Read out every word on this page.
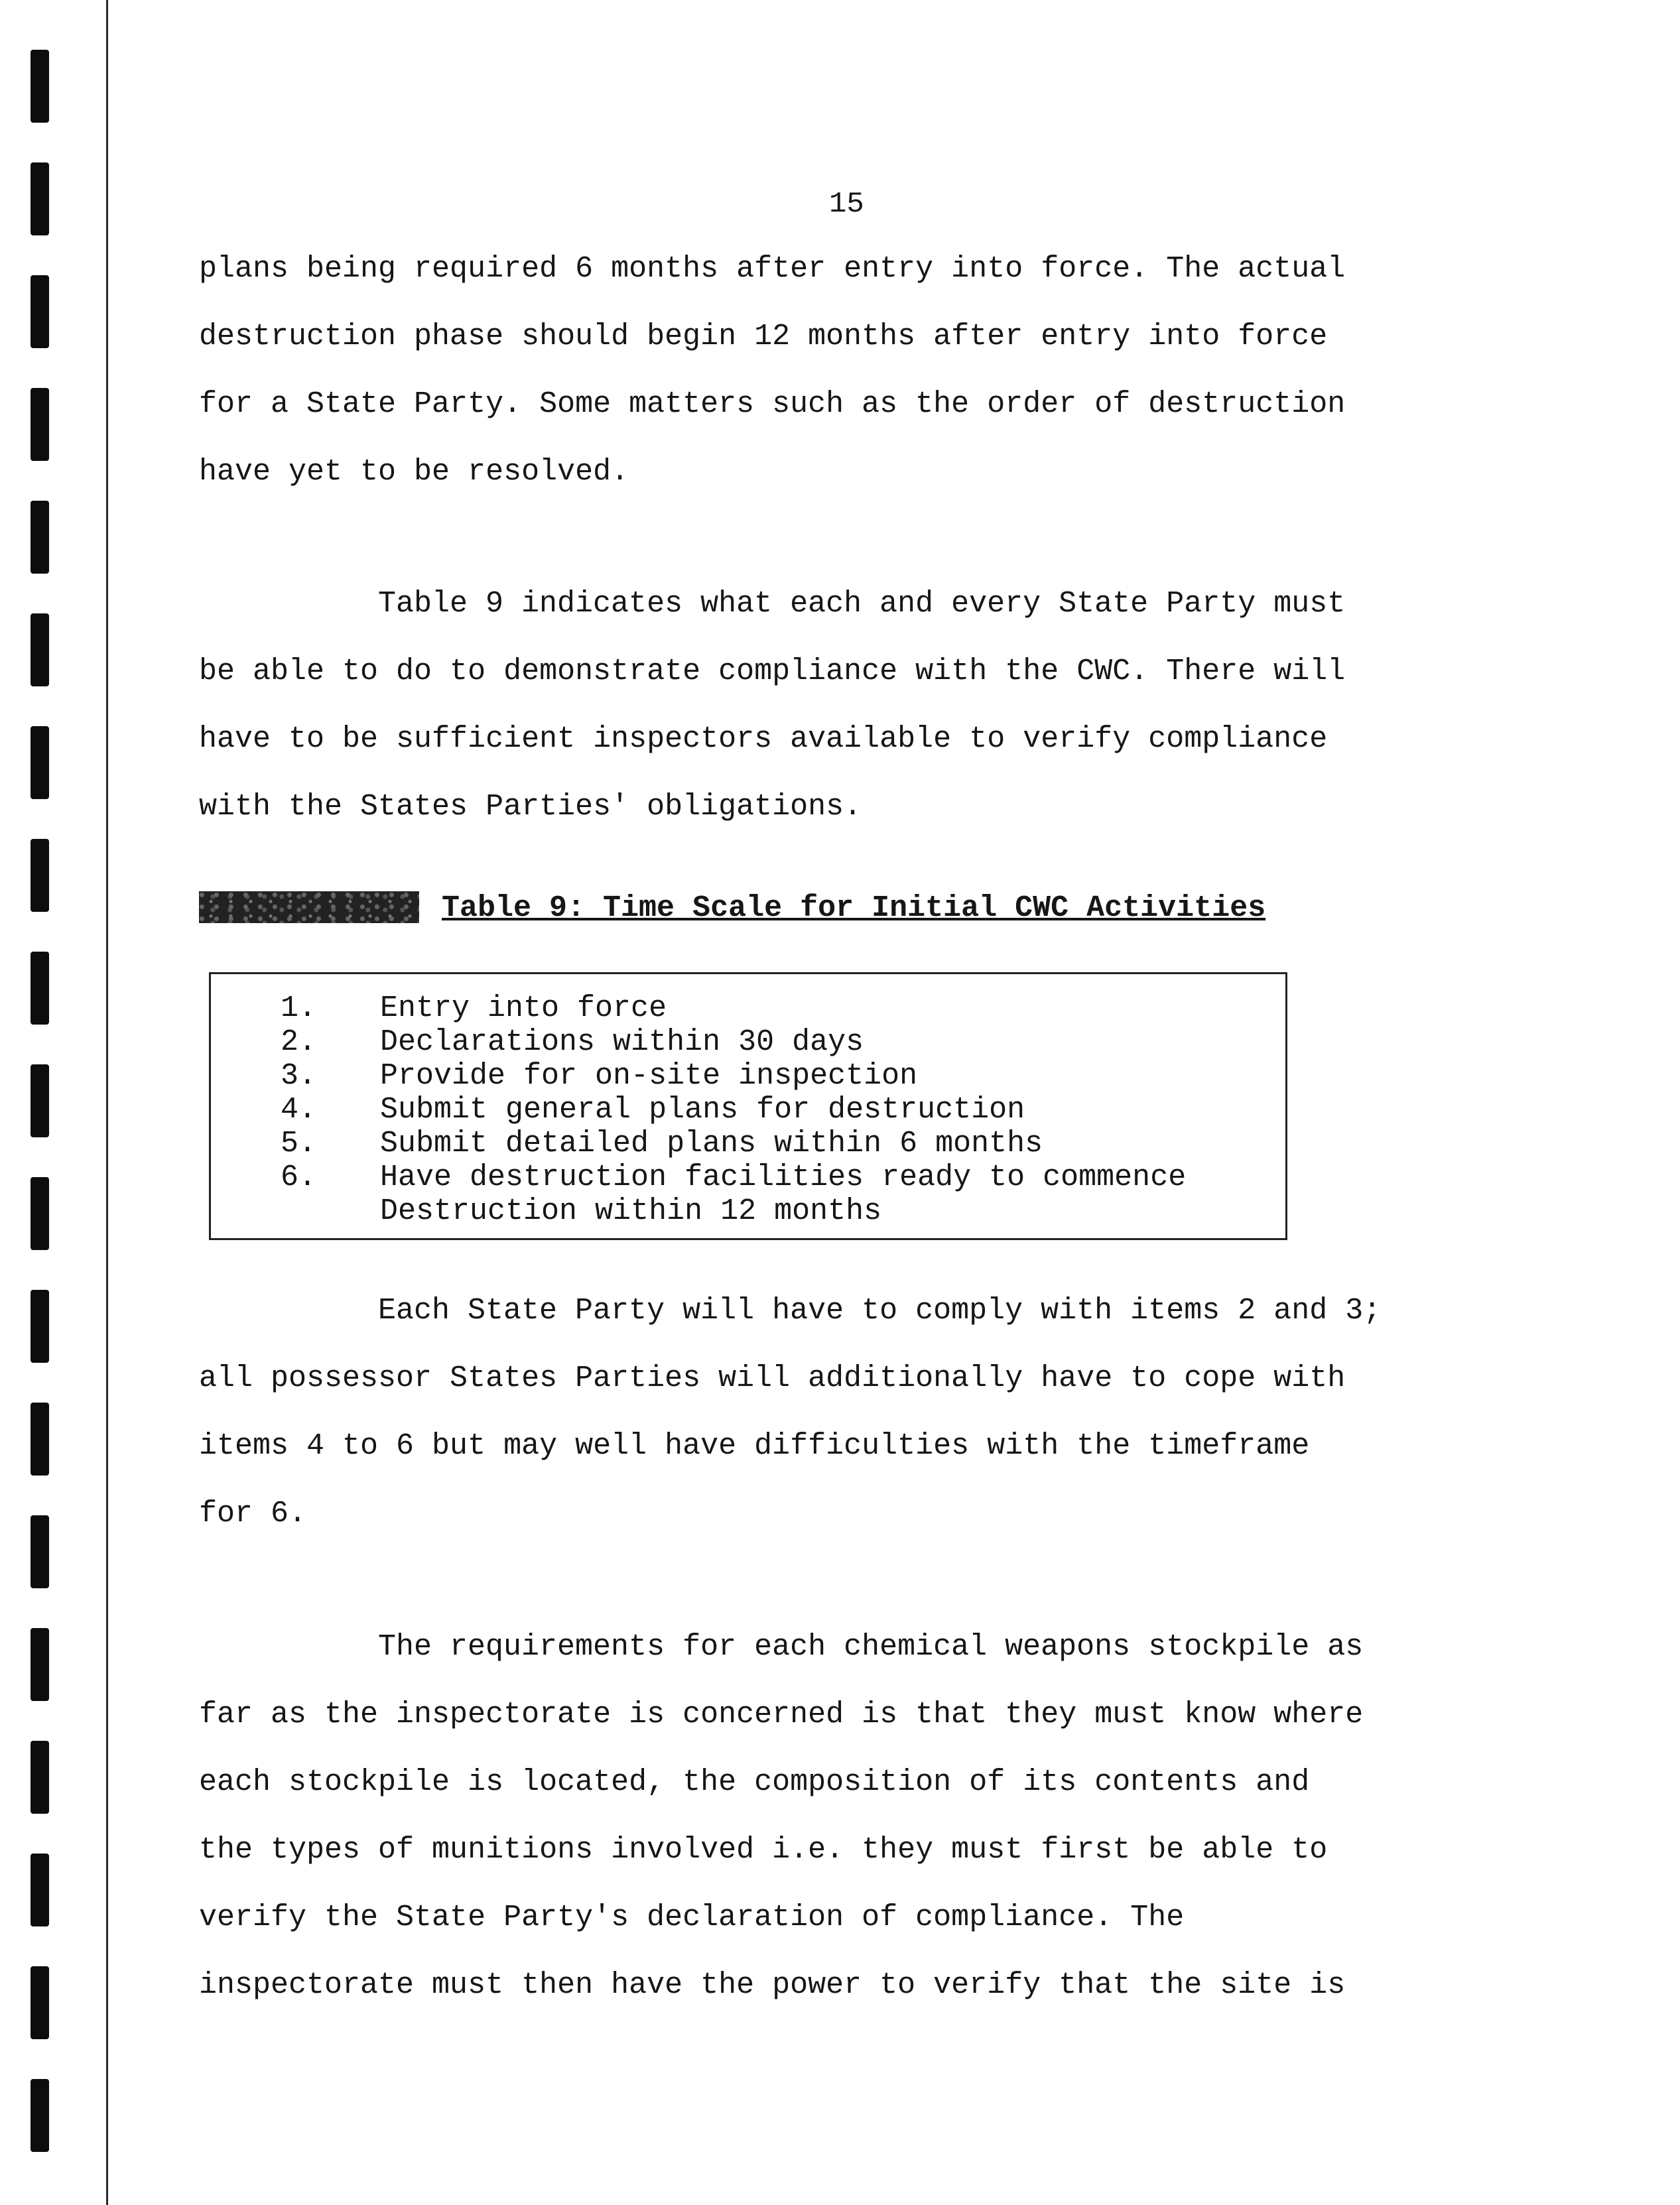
15
plans being required 6 months after entry into force. The actual
destruction phase should begin 12 months after entry into force
for a State Party. Some matters such as the order of destruction
have yet to be resolved.
Table 9 indicates what each and every State Party must
be able to do to demonstrate compliance with the CWC. There will
have to be sufficient inspectors available to verify compliance
with the States Parties' obligations.
Table 9: Time Scale for Initial CWC Activities
1. Entry into force
2. Declarations within 30 days
3. Provide for on-site inspection
4. Submit general plans for destruction
5. Submit detailed plans within 6 months
6. Have destruction facilities ready to commence
Destruction within 12 months
Each State Party will have to comply with items 2 and 3;
all possessor States Parties will additionally have to cope with
items 4 to 6 but may well have difficulties with the timeframe
for 6.
The requirements for each chemical weapons stockpile as
far as the inspectorate is concerned is that they must know where
each stockpile is located, the composition of its contents and
the types of munitions involved i.e. they must first be able to
verify the State Party's declaration of compliance. The
inspectorate must then have the power to verify that the site is
